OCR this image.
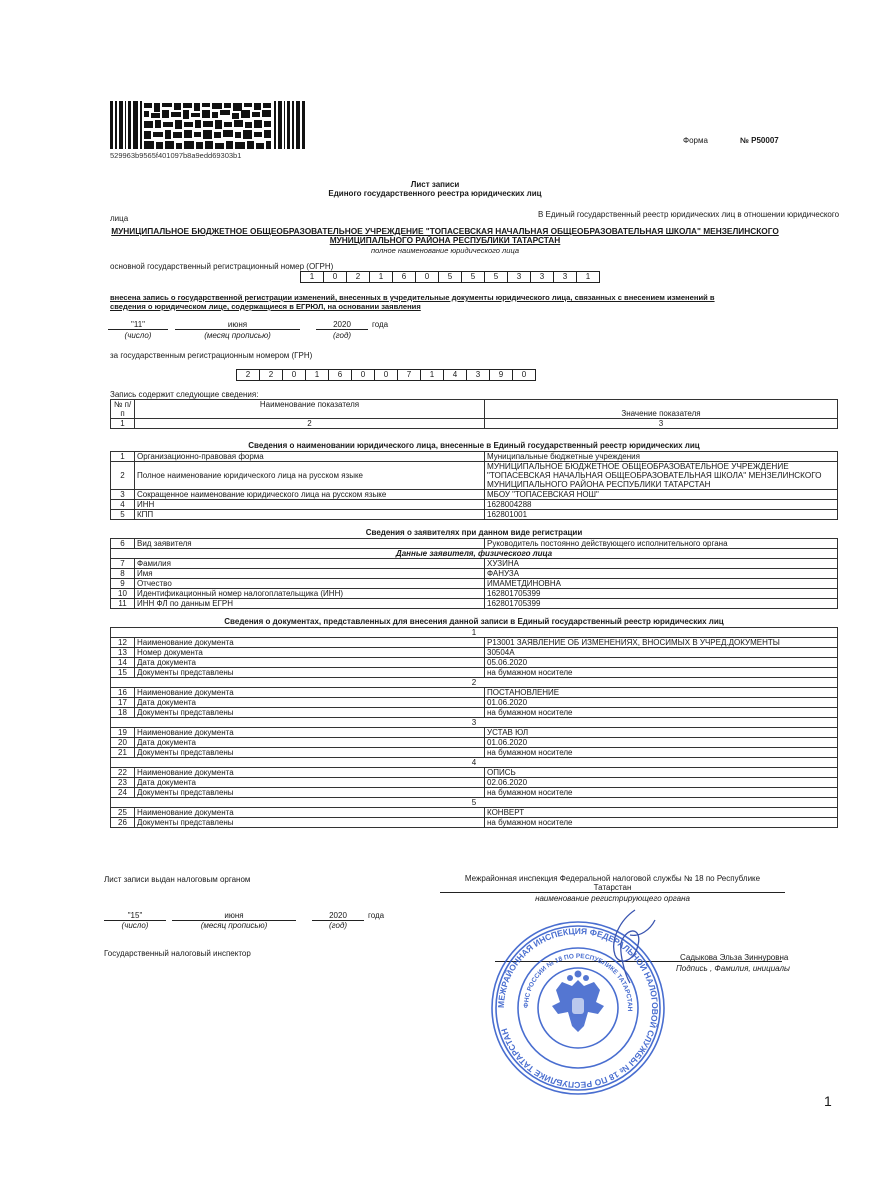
529963b9565f401097b8a9edd69303b1
Форма	№ Р50007
Лист записи
Единого государственного реестра юридических лиц
В Единый государственный реестр юридических лиц в отношении юридического
лица
МУНИЦИПАЛЬНОЕ БЮДЖЕТНОЕ ОБЩЕОБРАЗОВАТЕЛЬНОЕ УЧРЕЖДЕНИЕ "ТОПАСЕВСКАЯ НАЧАЛЬНАЯ ОБЩЕОБРАЗОВАТЕЛЬНАЯ ШКОЛА" МЕНЗЕЛИНСКОГО
МУНИЦИПАЛЬНОГО РАЙОНА РЕСПУБЛИКИ ТАТАРСТАН
полное наименование юридического лица
основной государственный регистрационный номер (ОГРН)
1	0	2	1	6	0	5	5	5	3	3	3	1
внесена запись о государственной регистрации изменений, внесенных в учредительные документы юридического лица, связанных с внесением изменений в
сведения о юридическом лице, содержащиеся в ЕГРЮЛ, на основании заявления
"11"	июня	2020	года
(число)	(месяц прописью)	(год)
за государственным регистрационным номером (ГРН)
2	2	0	1	6	0	0	7	1	4	3	9	0
Запись содержит следующие сведения:
№ п/п	Наименование показателя	Значение показателя
1	2	3
Сведения о наименовании юридического лица, внесенные в Единый государственный реестр юридических лиц		
1	Организационно-правовая форма	Муниципальные бюджетные учреждения
2	Полное наименование юридического лица на русском языке	МУНИЦИПАЛЬНОЕ БЮДЖЕТНОЕ ОБЩЕОБРАЗОВАТЕЛЬНОЕ УЧРЕЖДЕНИЕ "ТОПАСЕВСКАЯ НАЧАЛЬНАЯ ОБЩЕОБРАЗОВАТЕЛЬНАЯ ШКОЛА" МЕНЗЕЛИНСКОГО МУНИЦИПАЛЬНОГО РАЙОНА РЕСПУБЛИКИ ТАТАРСТАН
3	Сокращенное наименование юридического лица на русском языке	МБОУ "ТОПАСЕВСКАЯ НОШ"
4	ИНН	1628004288
5	КПП	162801001
Сведения о заявителях при данном виде регистрации		
6	Вид заявителя	Руководитель постоянно действующего исполнительного органа
Данные заявителя, физического лица		
7	Фамилия	ХУЗИНА
8	Имя	ФАНУЗА
9	Отчество	ИМАМЕТДИНОВНА
10	Идентификационный номер налогоплательщика (ИНН)	162801705399
11	ИНН ФЛ по данным ЕГРН	162801705399
Сведения о документах, представленных для внесения данной записи в Единый государственный реестр юридических лиц		
1		
12	Наименование документа	Р13001 ЗАЯВЛЕНИЕ ОБ ИЗМЕНЕНИЯХ, ВНОСИМЫХ В УЧРЕД.ДОКУМЕНТЫ
13	Номер документа	30504А
14	Дата документа	05.06.2020
15	Документы представлены	на бумажном носителе
2		
16	Наименование документа	ПОСТАНОВЛЕНИЕ
17	Дата документа	01.06.2020
18	Документы представлены	на бумажном носителе
3		
19	Наименование документа	УСТАВ ЮЛ
20	Дата документа	01.06.2020
21	Документы представлены	на бумажном носителе
4		
22	Наименование документа	ОПИСЬ
23	Дата документа	02.06.2020
24	Документы представлены	на бумажном носителе
5		
25	Наименование документа	КОНВЕРТ
26	Документы представлены	на бумажном носителе
Лист записи выдан налоговым органом	Межрайонная инспекция Федеральной налоговой службы № 18 по Республике
Татарстан
наименование регистрирующего органа
"15"	июня	2020	года
(число)	(месяц прописью)	(год)
Государственный налоговый инспектор	Садыкова Эльза Зиннуровна
Подпись , Фамилия, инициалы
МЕЖРАЙОННАЯ ИНСПЕКЦИЯ ФЕДЕРАЛЬНОЙ НАЛОГОВОЙ СЛУЖБЫ № 18 ПО РЕСПУБЛИКЕ ТАТАРСТАН
ФНС РОССИИ № 18 ПО РЕСПУБЛИКЕ ТАТАРСТАН
1
